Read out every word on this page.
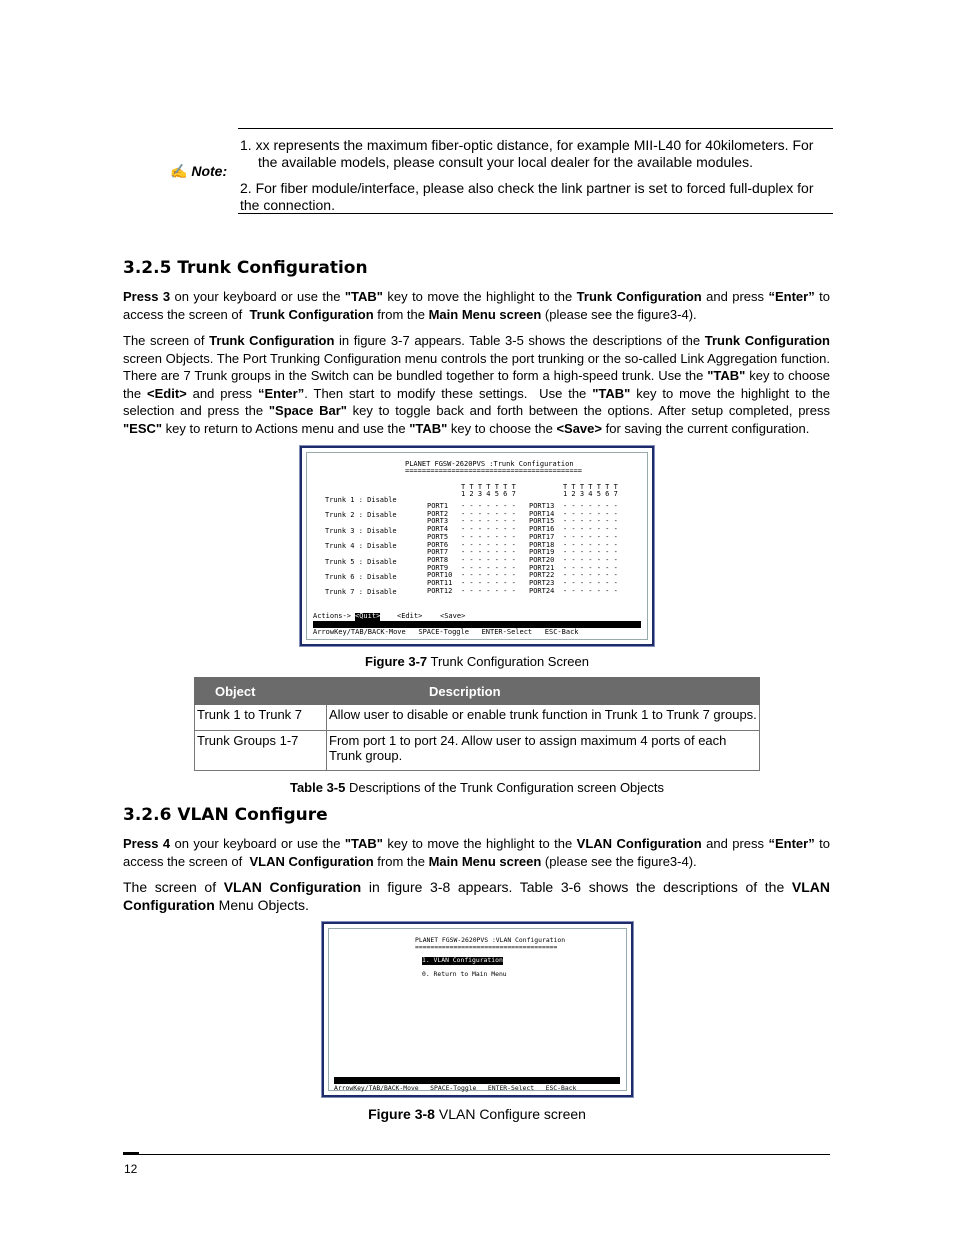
✍ Note:
1. xx represents the maximum fiber-optic distance, for example MII-L40 for 40kilometers. For
the available models, please consult your local dealer for the available modules.
2. For fiber module/interface, please also check the link partner is set to forced full-duplex for
the connection.
3.2.5 Trunk Configuration

Press 3 on your keyboard or use the "TAB" key to move the highlight to the Trunk Configuration and press “Enter” to access the screen of  Trunk Configuration from the Main Menu screen (please see the figure3-4).

The screen of Trunk Configuration in figure 3-7 appears. Table 3-5 shows the descriptions of the Trunk Configuration screen Objects. The Port Trunking Configuration menu controls the port trunking or the so-called Link Aggregation function. There are 7 Trunk groups in the Switch can be bundled together to form a high-speed trunk. Use the "TAB" key to choose the <Edit> and press “Enter”. Then start to modify these settings.  Use the "TAB" key to move the highlight to the selection and press the "Space Bar" key to toggle back and forth between the options. After setup completed, press "ESC" key to return to Actions menu and use the "TAB" key to choose the <Save> for saving the current configuration.

PLANET FGSW-2620PVS :Trunk Configuration
==========================================
T T T T T T T
1 2 3 4 5 6 7
T T T T T T T
1 2 3 4 5 6 7
Trunk 1 : Disable
Trunk 2 : Disable
Trunk 3 : Disable
Trunk 4 : Disable
Trunk 5 : Disable
Trunk 6 : Disable
Trunk 7 : Disable
PORT1 - - - - - - - PORT13 - - - - - - -
PORT2 - - - - - - - PORT14 - - - - - - -
PORT3 - - - - - - - PORT15 - - - - - - -
PORT4 - - - - - - - PORT16 - - - - - - -
PORT5 - - - - - - - PORT17 - - - - - - -
PORT6 - - - - - - - PORT18 - - - - - - -
PORT7 - - - - - - - PORT19 - - - - - - -
PORT8 - - - - - - - PORT20 - - - - - - -
PORT9 - - - - - - - PORT21 - - - - - - -
PORT10 - - - - - - - PORT22 - - - - - - -
PORT11 - - - - - - - PORT23 - - - - - - -
PORT12 - - - - - - - PORT24 - - - - - - -
Actions-> <Quit> <Edit>	<Save>
ArrowKey/TAB/BACK-Move   SPACE-Toggle   ENTER-Select   ESC-Back
Figure 3-7 Trunk Configuration Screen
Object	Description
Trunk 1 to Trunk 7	Allow user to disable or enable trunk function in Trunk 1 to Trunk 7 groups.
Trunk Groups 1-7	From port 1 to port 24. Allow user to assign maximum 4 ports of each Trunk group.
Table 3-5 Descriptions of the Trunk Configuration screen Objects
3.2.6 VLAN Configure

Press 4 on your keyboard or use the "TAB" key to move the highlight to the VLAN Configuration and press “Enter” to access the screen of  VLAN Configuration from the Main Menu screen (please see the figure3-4).

The screen of VLAN Configuration in figure 3-8 appears. Table 3-6 shows the descriptions of the VLAN Configuration Menu Objects.

PLANET FGSW-2620PVS :VLAN Configuration
=====================================
1. VLAN Configuration
0. Return to Main Menu
ArrowKey/TAB/BACK-Move   SPACE-Toggle   ENTER-Select   ESC-Back
Figure 3-8 VLAN Configure screen
12
